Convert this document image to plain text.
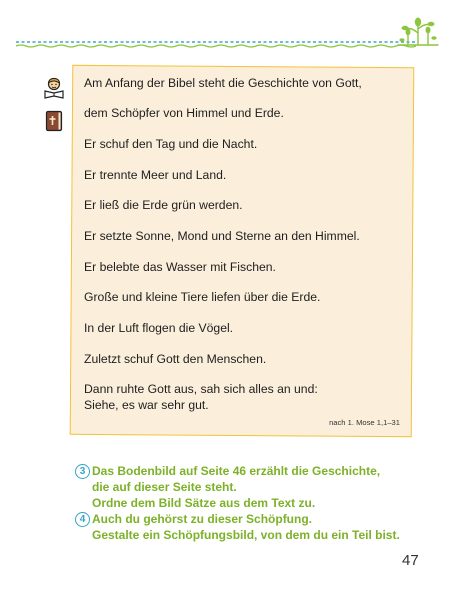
Am Anfang der Bibel steht die Geschichte von Gott,
dem Schöpfer von Himmel und Erde.
Er schuf den Tag und die Nacht.
Er trennte Meer und Land.
Er ließ die Erde grün werden.
Er setzte Sonne, Mond und Sterne an den Himmel.
Er belebte das Wasser mit Fischen.
Große und kleine Tiere liefen über die Erde.
In der Luft flogen die Vögel.
Zuletzt schuf Gott den Menschen.
Dann ruhte Gott aus, sah sich alles an und:
Siehe, es war sehr gut.
nach 1. Mose 1,1–31
3 Das Bodenbild auf Seite 46 erzählt die Geschichte,
die auf dieser Seite steht.
Ordne dem Bild Sätze aus dem Text zu.
4 Auch du gehörst zu dieser Schöpfung.
Gestalte ein Schöpfungsbild, von dem du ein Teil bist.
47
